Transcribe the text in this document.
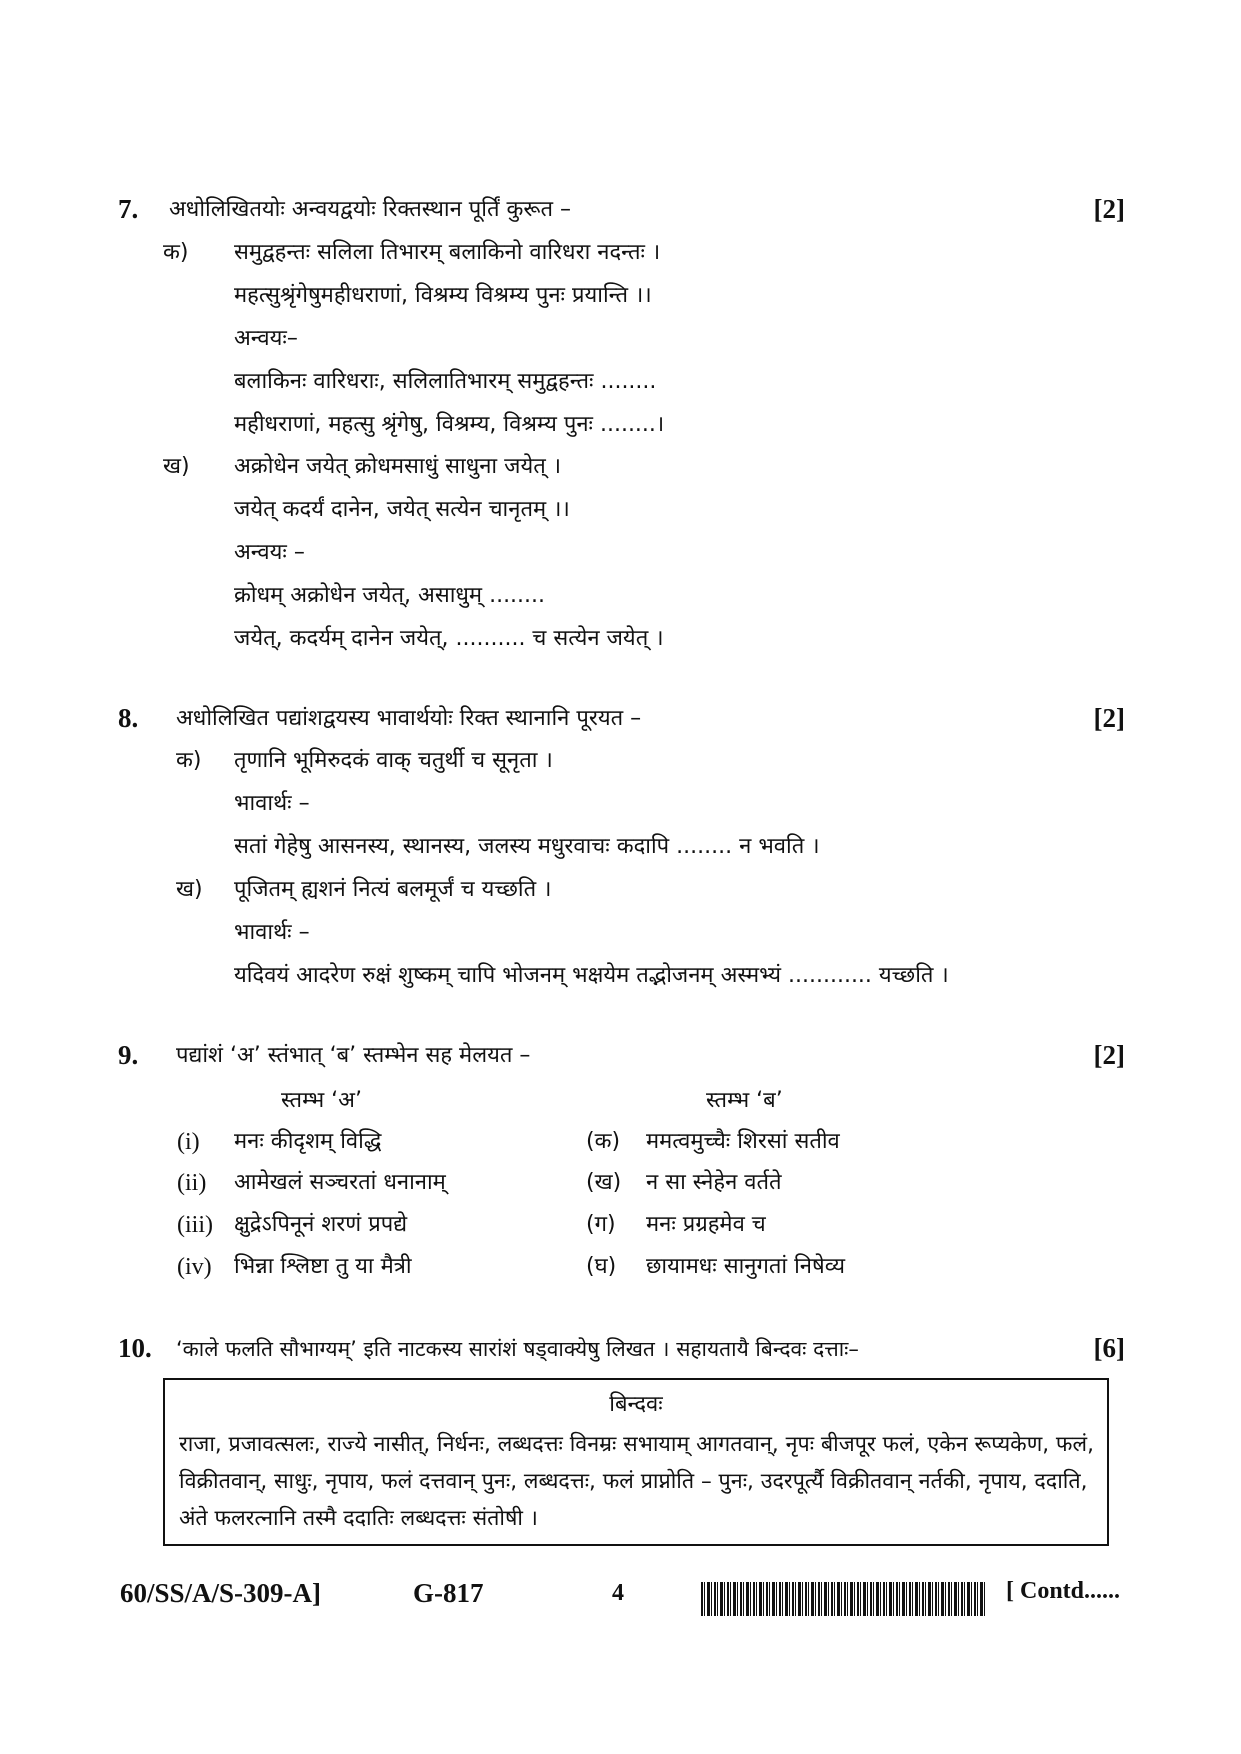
7. अधोलिखितयोः अन्वयद्वयोः रिक्तस्थान पूर्तिं कुरूत –	[2]
क) समुद्वहन्तः सलिला तिभारम् बलाकिनो वारिधरा नदन्तः ।
महत्सुश्रृंगेषुमहीधराणां, विश्रम्य विश्रम्य पुनः प्रयान्ति ।।
अन्वयः–
बलाकिनः वारिधराः, सलिलातिभारम् समुद्वहन्तः ........
महीधराणां, महत्सु श्रृंगेषु, विश्रम्य, विश्रम्य पुनः ........।
ख) अक्रोधेन जयेत् क्रोधमसाधुं साधुना जयेत् ।
जयेत् कदर्यं दानेन, जयेत् सत्येन चानृतम् ।।
अन्वयः –
क्रोधम् अक्रोधेन जयेत्, असाधुम् ........
जयेत्, कदर्यम् दानेन जयेत्, .......... च सत्येन जयेत् ।
8. अधोलिखित पद्यांशद्वयस्य भावार्थयोः रिक्त स्थानानि पूरयत –	[2]
क) तृणानि भूमिरुदकं वाक् चतुर्थी च सूनृता ।
भावार्थः –
सतां गेहेषु आसनस्य, स्थानस्य, जलस्य मधुरवाचः कदापि ........ न भवति ।
ख) पूजितम् ह्यशनं नित्यं बलमूर्जं च यच्छति ।
भावार्थः –
यदिवयं आदरेण रुक्षं शुष्कम् चापि भोजनम् भक्षयेम तद्भोजनम् अस्मभ्यं ............ यच्छति ।
9. पद्यांशं ‘अ’ स्तंभात् ‘ब’ स्तम्भेन सह मेलयत –	[2]
स्तम्भ ‘अ’	स्तम्भ ‘ब’
(i) मनः कीदृशम् विद्धि	(क) ममत्वमुच्चैः शिरसां सतीव
(ii) आमेखलं सञ्चरतां धनानाम्	(ख) न सा स्नेहेन वर्तते
(iii) क्षुद्रेऽपिनूनं शरणं प्रपद्ये	(ग) मनः प्रग्रहमेव च
(iv) भिन्ना श्लिष्टा तु या मैत्री	(घ) छायामधः सानुगतां निषेव्य
10. ‘काले फलति सौभाग्यम्’ इति नाटकस्य सारांशं षड्वाक्येषु लिखत । सहायतायै बिन्दवः दत्ताः–	[6]
बिन्दवः
राजा, प्रजावत्सलः, राज्ये नासीत्, निर्धनः, लब्धदत्तः विनम्रः सभायाम् आगतवान्, नृपः बीजपूर फलं, एकेन रूप्यकेण, फलं, विक्रीतवान्, साधुः, नृपाय, फलं दत्तवान् पुनः, लब्धदत्तः, फलं प्राप्नोति – पुनः, उदरपूर्त्यै विक्रीतवान् नर्तकी, नृपाय, ददाति, अंते फलरत्नानि तस्मै ददातिः लब्धदत्तः संतोषी ।
60/SS/A/S-309-A]	G-817	4	[ Contd......
